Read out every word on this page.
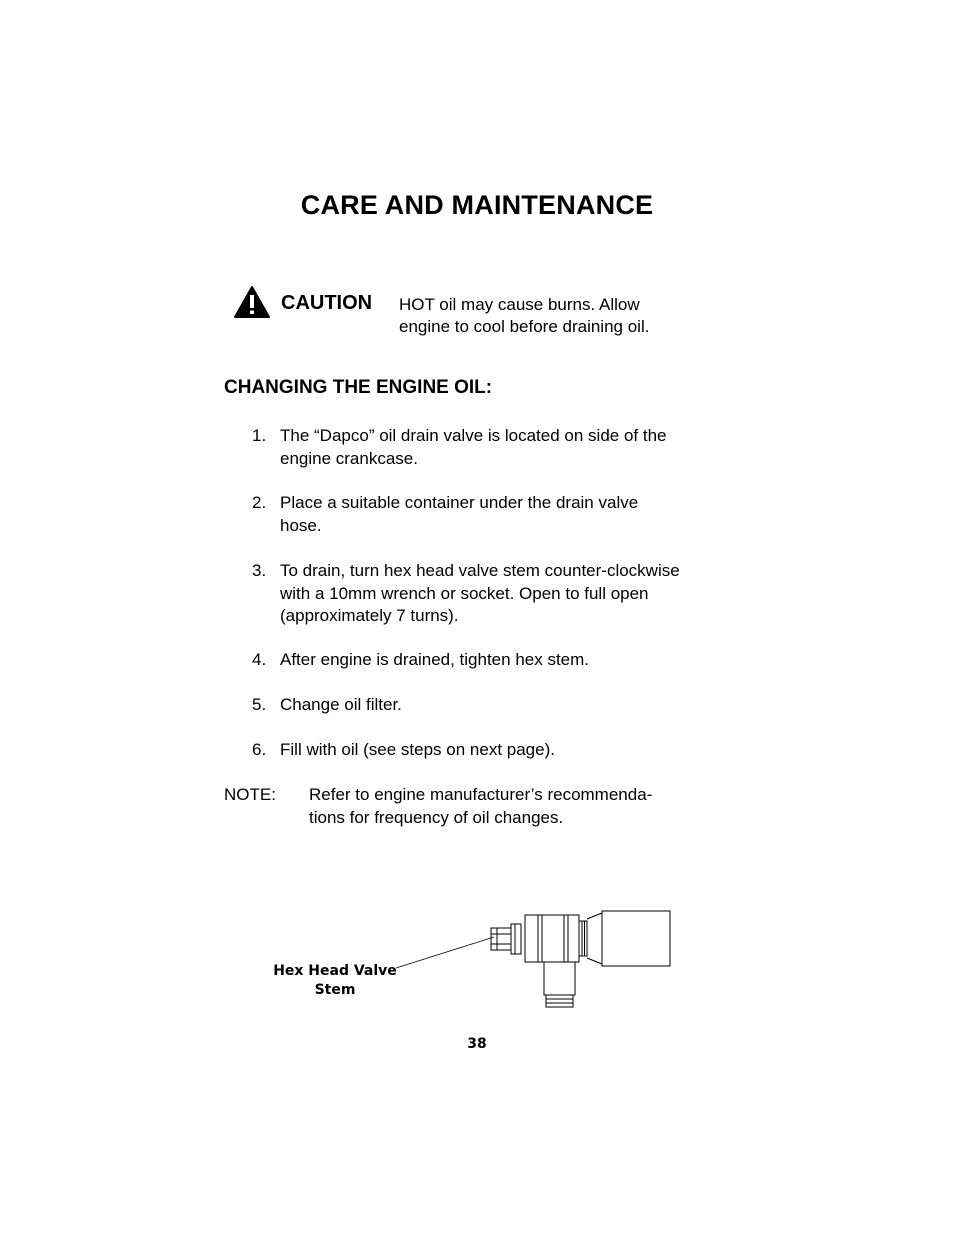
CARE AND MAINTENANCE
CAUTION HOT oil may cause burns. Allow
engine to cool before draining oil.
CHANGING THE ENGINE OIL:
1. The “Dapco” oil drain valve is located on side of the
engine crankcase.
2. Place a suitable container under the drain valve
hose.
3. To drain, turn hex head valve stem counter-clockwise
with a 10mm wrench or socket. Open to full open
(approximately 7 turns).
4. After engine is drained, tighten hex stem.
5. Change oil filter.
6. Fill with oil (see steps on next page).
NOTE: Refer to engine manufacturer’s recommenda-
tions for frequency of oil changes.
Hex Head Valve
Stem
38
